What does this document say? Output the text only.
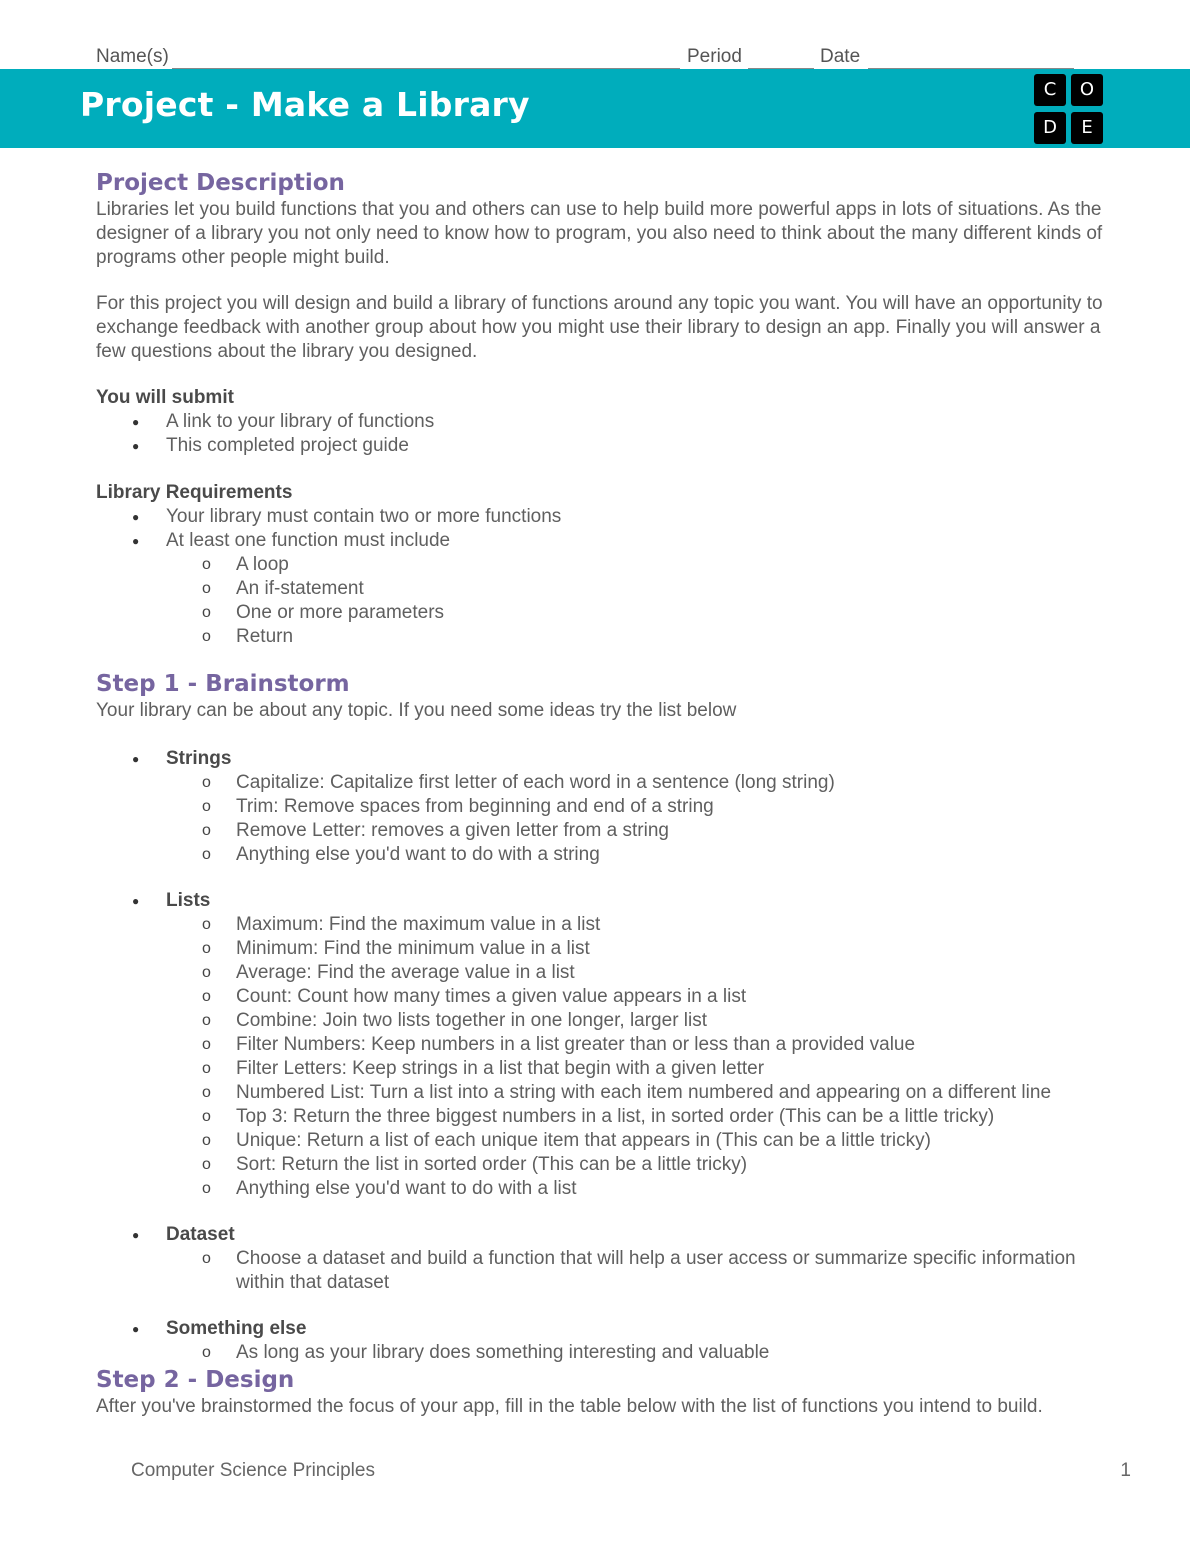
Name(s)	Period	Date
Project - Make a Library	C	O
D	E
Project Description

Libraries let you build functions that you and others can use to help build more powerful apps in lots of situations. As the designer of a library you not only need to know how to program, you also need to think about the many different kinds of programs other people might build.

For this project you will design and build a library of functions around any topic you want. You will have an opportunity to exchange feedback with another group about how you might use their library to design an app. Finally you will answer a few questions about the library you designed.

You will submit

● A link to your library of functions
● This completed project guide

Library Requirements

● Your library must contain two or more functions
● At least one function must include
o A loop
o An if-statement
o One or more parameters
o Return
Step 1 - Brainstorm

Your library can be about any topic. If you need some ideas try the list below

● Strings
o Capitalize: Capitalize first letter of each word in a sentence (long string)
o Trim: Remove spaces from beginning and end of a string
o Remove Letter: removes a given letter from a string
o Anything else you'd want to do with a string
● Lists
o Maximum: Find the maximum value in a list
o Minimum: Find the minimum value in a list
o Average: Find the average value in a list
o Count: Count how many times a given value appears in a list
o Combine: Join two lists together in one longer, larger list
o Filter Numbers: Keep numbers in a list greater than or less than a provided value
o Filter Letters: Keep strings in a list that begin with a given letter
o Numbered List: Turn a list into a string with each item numbered and appearing on a different line
o Top 3: Return the three biggest numbers in a list, in sorted order (This can be a little tricky)
o Unique: Return a list of each unique item that appears in (This can be a little tricky)
o Sort: Return the list in sorted order (This can be a little tricky)
o Anything else you'd want to do with a list
● Dataset
o Choose a dataset and build a function that will help a user access or summarize specific information within that dataset
● Something else
o As long as your library does something interesting and valuable
Step 2 - Design

After you've brainstormed the focus of your app, fill in the table below with the list of functions you intend to build.

Computer Science Principles	1
